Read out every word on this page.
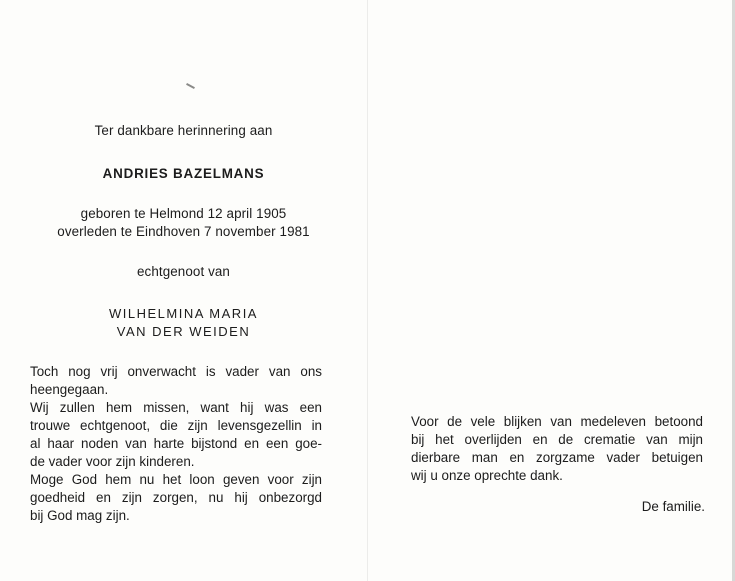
Ter dankbare herinnering aan
ANDRIES BAZELMANS
geboren te Helmond 12 april 1905
overleden te Eindhoven 7 november 1981
echtgenoot van
WILHELMINA MARIA
VAN DER WEIDEN
Toch nog vrij onverwacht is vader van ons
heengegaan.
Wij zullen hem missen, want hij was een
trouwe echtgenoot, die zijn levensgezellin in
al haar noden van harte bijstond en een goe-
de vader voor zijn kinderen.
Moge God hem nu het loon geven voor zijn
goedheid en zijn zorgen, nu hij onbezorgd
bij God mag zijn.
Voor de vele blijken van medeleven betoond
bij het overlijden en de crematie van mijn
dierbare man en zorgzame vader betuigen
wij u onze oprechte dank.
De familie.
